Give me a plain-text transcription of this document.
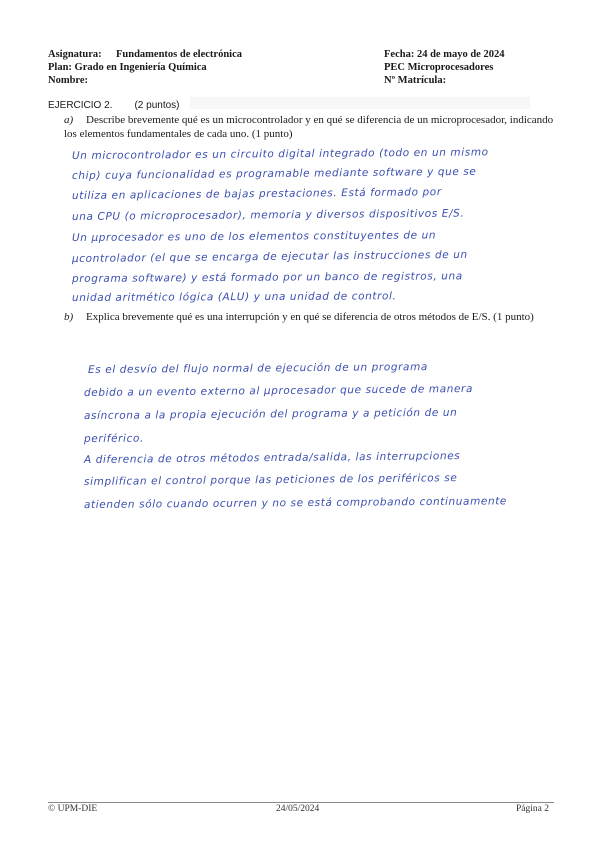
Asignatura: Fundamentos de electrónica
Plan: Grado en Ingeniería Química
Nombre:
Fecha: 24 de mayo de 2024
PEC Microprocesadores
Nº Matrícula:
EJERCICIO 2. (2 puntos)
a) Describe brevemente qué es un microcontrolador y en qué se diferencia de un microprocesador, indicando los elementos fundamentales de cada uno. (1 punto)
Un microcontrolador es un circuito digital integrado (todo en un mismo
chip) cuya funcionalidad es programable mediante software y que se
utiliza en aplicaciones de bajas prestaciones. Está formado por
una CPU (o microprocesador), memoria y diversos dispositivos E/S.
Un µprocesador es uno de los elementos constituyentes de un
µcontrolador (el que se encarga de ejecutar las instrucciones de un
programa software) y está formado por un banco de registros, una
unidad aritmético lógica (ALU) y una unidad de control.
b) Explica brevemente qué es una interrupción y en qué se diferencia de otros métodos de E/S. (1 punto)
Es el desvío del flujo normal de ejecución de un programa
debido a un evento externo al µprocesador que sucede de manera
asíncrona a la propia ejecución del programa y a petición de un
periférico.
A diferencia de otros métodos entrada/salida, las interrupciones
simplifican el control porque las peticiones de los periféricos se
atienden sólo cuando ocurren y no se está comprobando continuamente
© UPM-DIE	24/05/2024	Página 2
